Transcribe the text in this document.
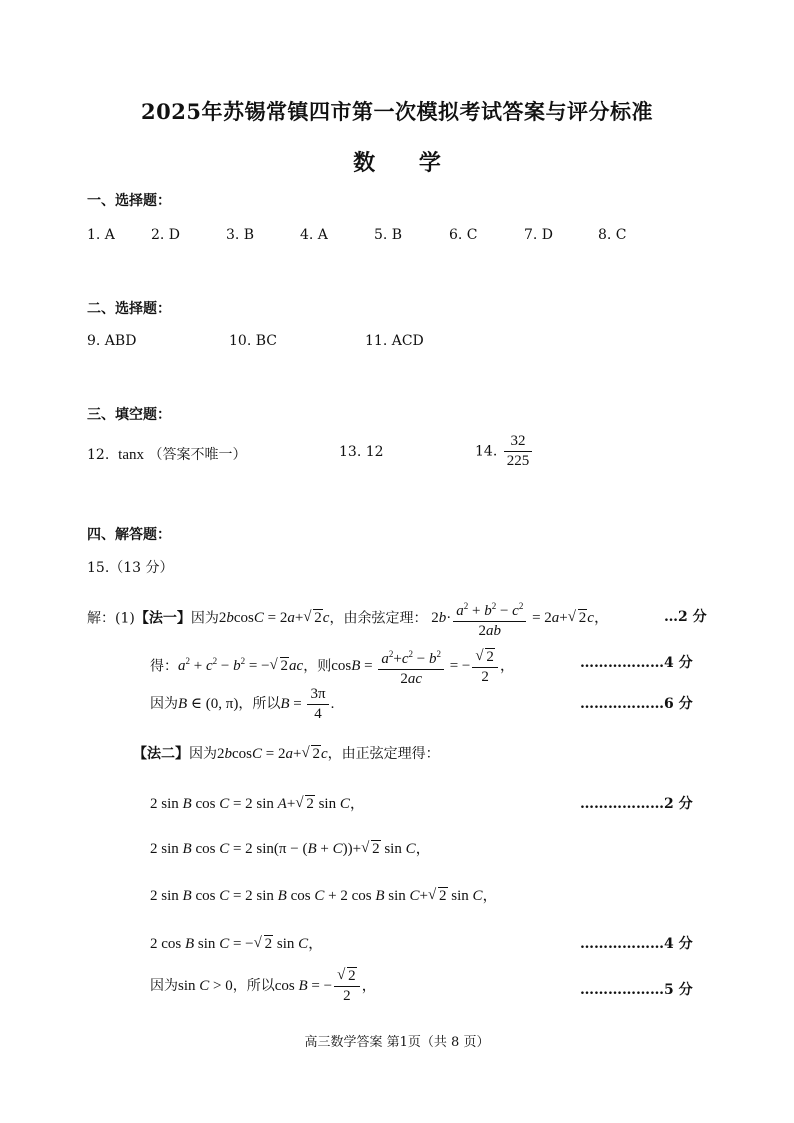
2025年苏锡常镇四市第一次模拟考试答案与评分标准
数 学
一、选择题：
1. A	2. D	3. B	4. A	5. B	6. C	7. D	8. C
二、选择题：
9. ABD	10. BC	11. ACD
三、填空题：
12. tanx （答案不唯一）	13. 12	14. $\frac{32}{225}$
四、解答题：
15.（13 分）
解：(1)【法一】因为2bcosC = 2a+√ 2c，由余弦定理： $2b\cdot \frac{a^2 + b^2 - c^2}{2ab} = 2a+√$ 2c，	…2 分
得：$a^2 + c^2 - b^2$ = −√ 2ac，则$\cos B = \frac{a^2+c^2 - b^2}{2ac}$ = −
√ $\frac{2}{2}$ ，	………………4 分
因为B ∈ (0, π)，所以$B = \frac{3\pi}{4}$ .	………………6 分
【法二】因为2bcosC = 2a+√ 2c，由正弦定理得：
2 sin B cos C = 2 sin A+√ 2 sin C，	………………2 分
2 sin B cos C = 2 sin(π − (B + C))+√ 2 sin C，
2 sin B cos C = 2 sin B cos C + 2 cos B sin C+√ 2 sin C，
2 cos B sin C = −√ 2 sin C，	………………4 分
因为sin C > 0，所以cos B = −
√ $\frac{2}{2}$ ，	………………5 分
高三数学答案 第1页（共 8 页）
